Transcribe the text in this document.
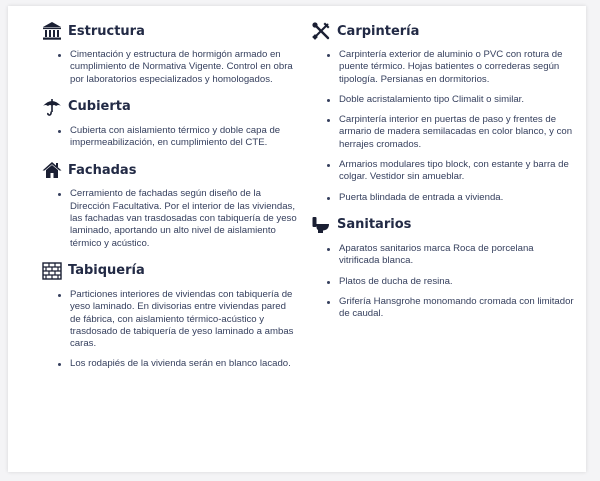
Estructura
Cimentación y estructura de hormigón armado en cumplimiento de Normativa Vigente. Control en obra por laboratorios especializados y homologados.
Cubierta
Cubierta con aislamiento térmico y doble capa de impermeabilización, en cumplimiento del CTE.
Fachadas
Cerramiento de fachadas según diseño de la Dirección Facultativa. Por el interior de las viviendas, las fachadas van trasdosadas con tabiquería de yeso laminado, aportando un alto nivel de aislamiento térmico y acústico.
Tabiquería
Particiones interiores de viviendas con tabiquería de yeso laminado. En divisorias entre viviendas pared de fábrica, con aislamiento térmico-acústico y trasdosado de tabiquería de yeso laminado a ambas caras.
Los rodapiés de la vivienda serán en blanco lacado.
Carpintería
Carpintería exterior de aluminio o PVC con rotura de puente térmico. Hojas batientes o correderas según tipología. Persianas en dormitorios.
Doble acristalamiento tipo Climalit o similar.
Carpintería interior en puertas de paso y frentes de armario de madera semilacadas en color blanco, y con herrajes cromados.
Armarios modulares tipo block, con estante y barra de colgar. Vestidor sin amueblar.
Puerta blindada de entrada a vivienda.
Sanitarios
Aparatos sanitarios marca Roca de porcelana vitrificada blanca.
Platos de ducha de resina.
Grifería Hansgrohe monomando cromada con limitador de caudal.
